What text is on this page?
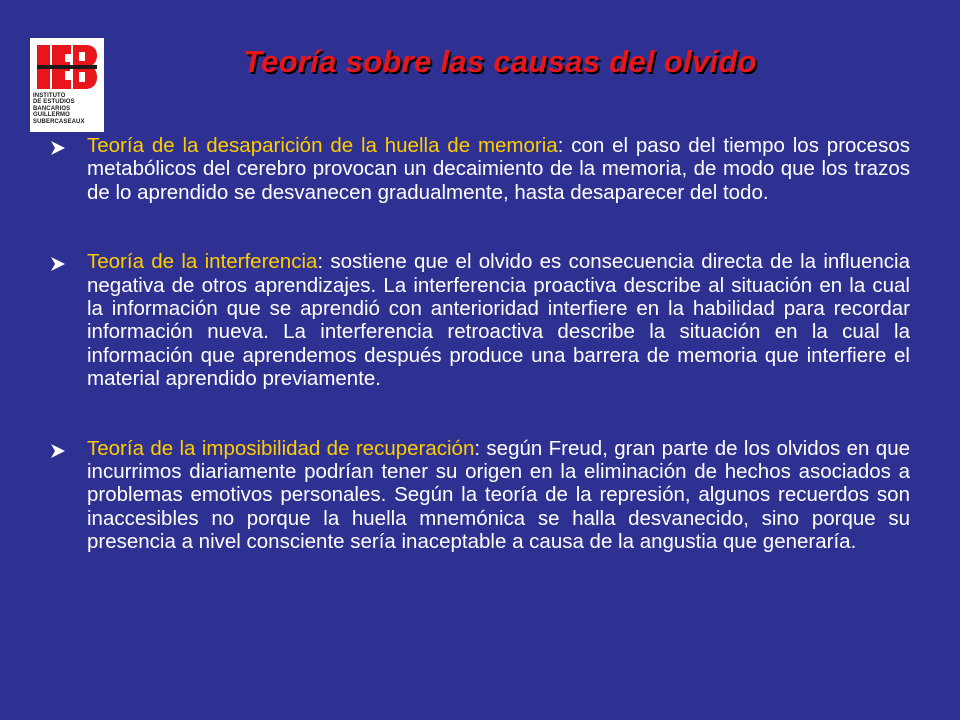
INSTITUTO
DE ESTUDIOS
BANCARIOS
GUILLERMO
SUBERCASEAUX
Teoría sobre las causas del olvido

Teoría de la desaparición de la huella de memoria: con el paso del tiempo los procesos metabólicos del cerebro provocan un decaimiento de la memoria, de modo que los trazos de lo aprendido se desvanecen gradualmente, hasta desaparecer del todo.

Teoría de la interferencia: sostiene que el olvido es consecuencia directa de la influencia negativa de otros aprendizajes. La interferencia proactiva describe al situación en la cual la información que se aprendió con anterioridad interfiere en la habilidad para recordar información nueva. La interferencia retroactiva describe la situación en la cual la información que aprendemos después produce una barrera de memoria que interfiere el material aprendido previamente.

Teoría de la imposibilidad de recuperación: según Freud, gran parte de los olvidos en que incurrimos diariamente podrían tener su origen en la eliminación de hechos asociados a problemas emotivos personales. Según la teoría de la represión, algunos recuerdos son inaccesibles no porque la huella mnemónica se halla desvanecido, sino porque su presencia a nivel consciente sería inaceptable a causa de la angustia que generaría.
